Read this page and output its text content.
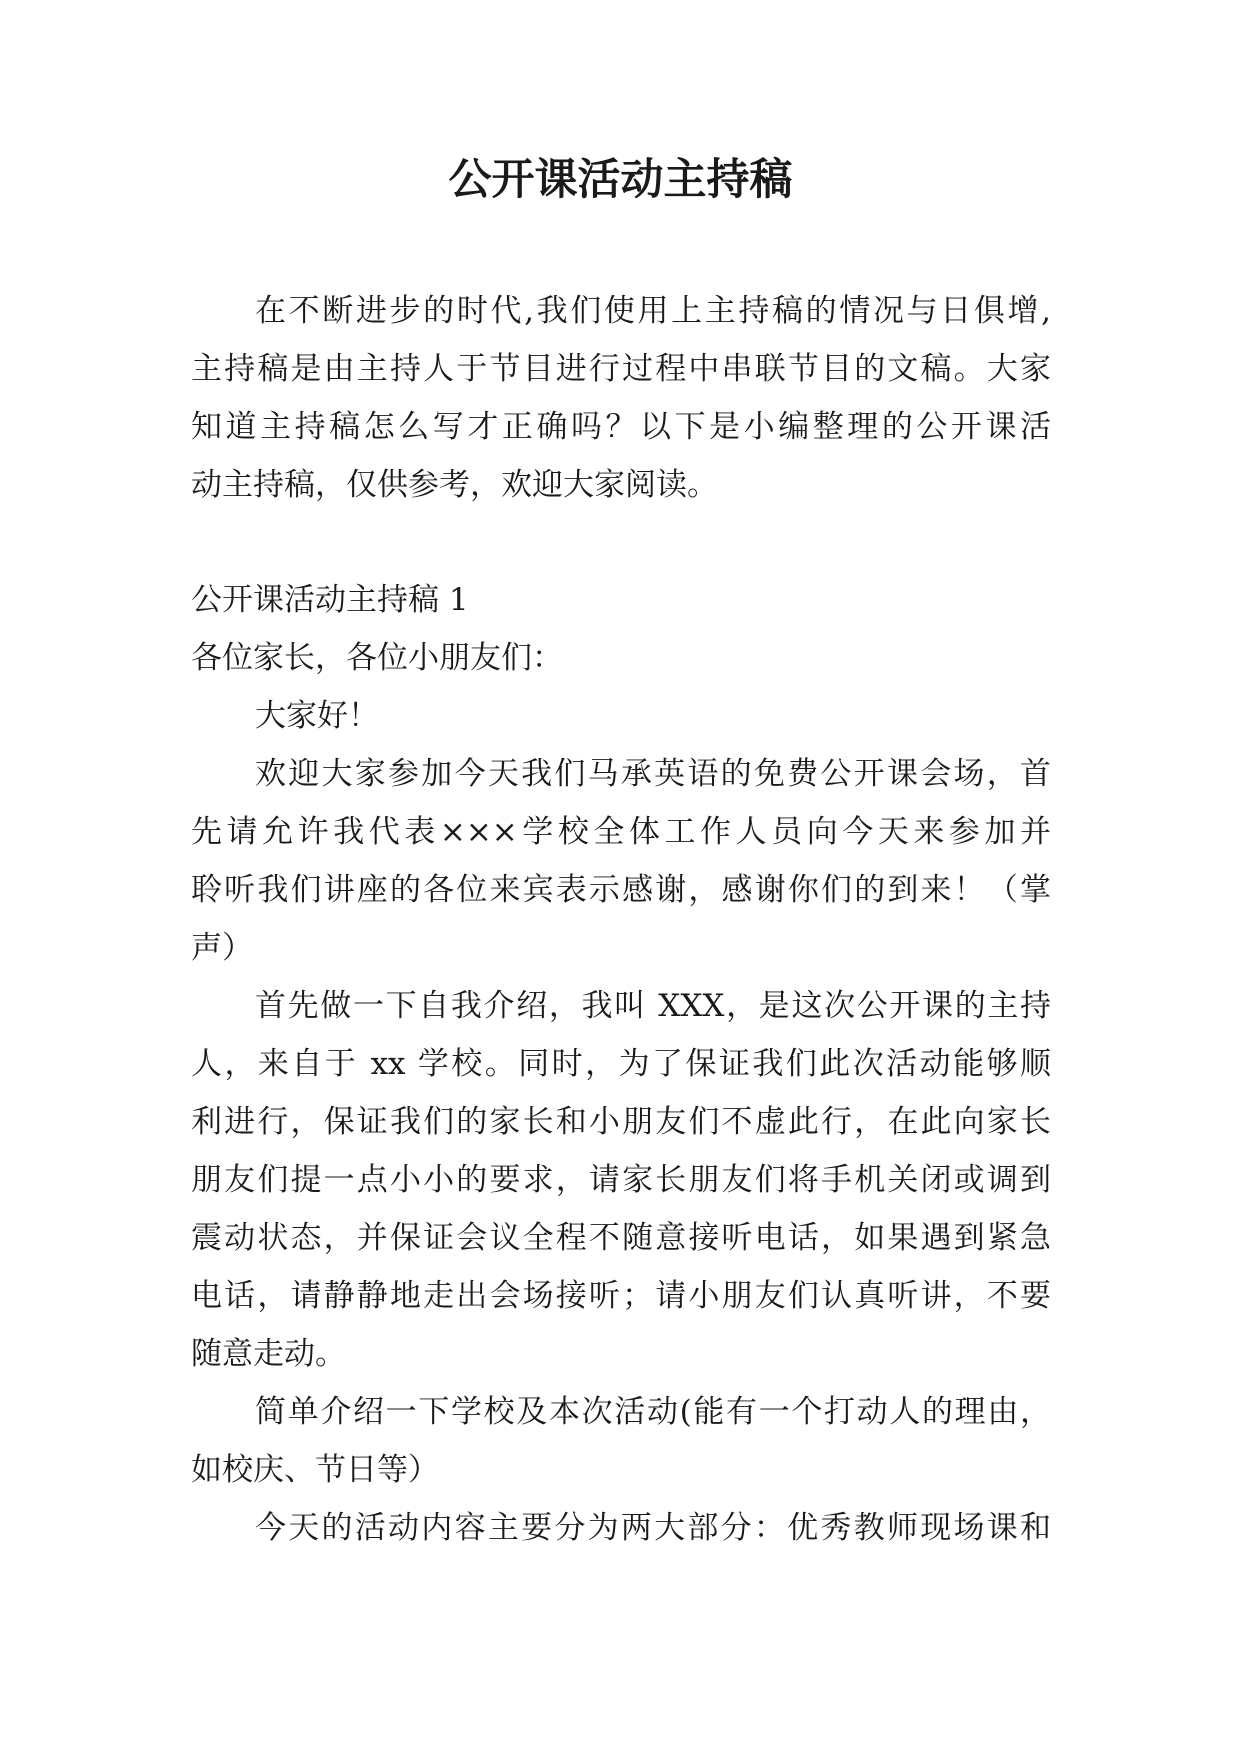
公开课活动主持稿
在不断进步的时代,我们使用上主持稿的情况与日俱增,
主持稿是由主持人于节目进行过程中串联节目的文稿。大家
知道主持稿怎么写才正确吗？以下是小编整理的公开课活
动主持稿，仅供参考，欢迎大家阅读。
公开课活动主持稿 1
各位家长，各位小朋友们：
大家好！
欢迎大家参加今天我们马承英语的免费公开课会场，首
先请允许我代表×××学校全体工作人员向今天来参加并
聆听我们讲座的各位来宾表示感谢，感谢你们的到来！（掌
声）
首先做一下自我介绍，我叫 XXX，是这次公开课的主持
人，来自于 xx 学校。同时，为了保证我们此次活动能够顺
利进行，保证我们的家长和小朋友们不虚此行，在此向家长
朋友们提一点小小的要求，请家长朋友们将手机关闭或调到
震动状态，并保证会议全程不随意接听电话，如果遇到紧急
电话，请静静地走出会场接听；请小朋友们认真听讲，不要
随意走动。
简单介绍一下学校及本次活动(能有一个打动人的理由，
如校庆、节日等）
今天的活动内容主要分为两大部分：优秀教师现场课和
